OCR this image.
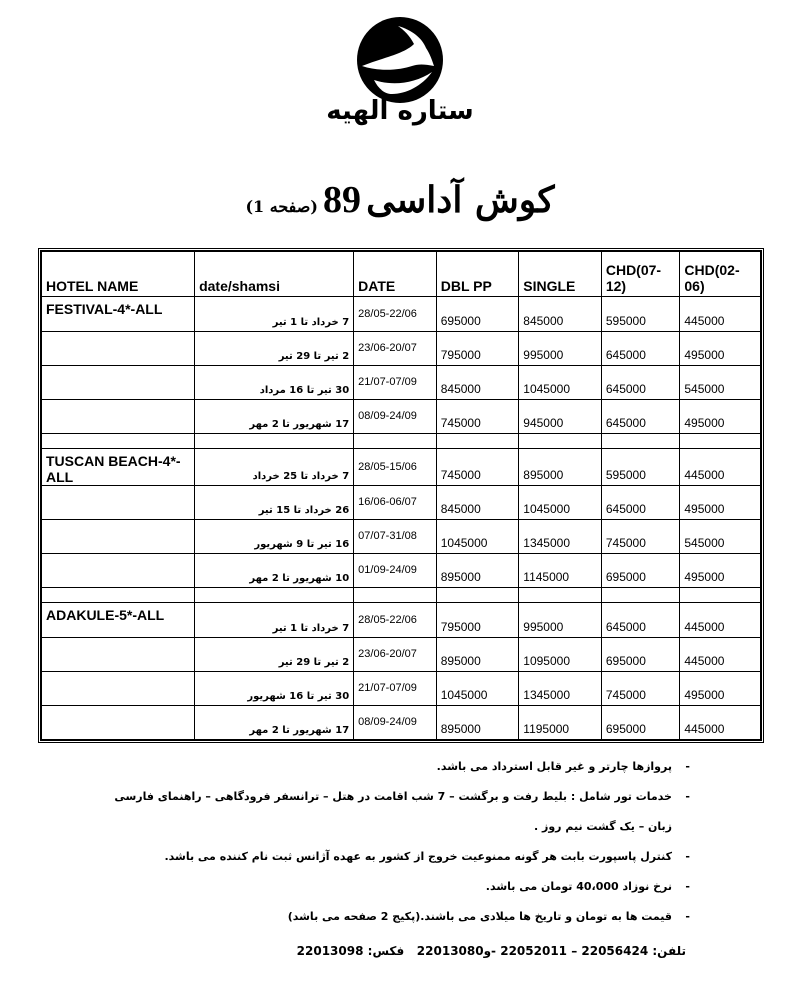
ستاره الهیه
کوش آداسی 89 (صفحه 1)
HOTEL NAME	date/shamsi	DATE	DBL PP	SINGLE	CHD(07-12)	CHD(02-06)
FESTIVAL-4*-ALL	7 خرداد تا 1 تیر	28/05-22/06	695000	845000	595000	445000
	2 تیر تا 29 تیر	23/06-20/07	795000	995000	645000	495000
	30 تیر تا 16 مرداد	21/07-07/09	845000	1045000	645000	545000
	17 شهریور تا 2 مهر	08/09-24/09	745000	945000	645000	495000

TUSCAN BEACH-4*-ALL	7 خرداد تا 25 خرداد	28/05-15/06	745000	895000	595000	445000
	26 خرداد تا 15 تیر	16/06-06/07	845000	1045000	645000	495000
	16 تیر تا 9 شهریور	07/07-31/08	1045000	1345000	745000	545000
	10 شهریور تا 2 مهر	01/09-24/09	895000	1145000	695000	495000

ADAKULE-5*-ALL	7 خرداد تا 1 تیر	28/05-22/06	795000	995000	645000	445000
	2 تیر تا 29 تیر	23/06-20/07	895000	1095000	695000	445000
	30 تیر تا 16 شهریور	21/07-07/09	1045000	1345000	745000	495000
	17 شهریور تا 2 مهر	08/09-24/09	895000	1195000	695000	445000
- پروازها چارتر و غیر قابل استرداد می باشد.
- خدمات تور شامل : بلیط رفت و برگشت – 7 شب اقامت در هتل – ترانسفر فرودگاهی – راهنمای فارسی زبان – یک گشت نیم روز .
- کنترل پاسپورت بابت هر گونه ممنوعیت خروج از کشور به عهده آژانس ثبت نام کننده می باشد.
- نرخ نوزاد 40،000 تومان می باشد.
- قیمت ها به تومان و تاریخ ها میلادی می باشند.(پکیج 2 صفحه می باشد)
تلفن: 22056424 – 22052011 -و22013080   فکس: 22013098
